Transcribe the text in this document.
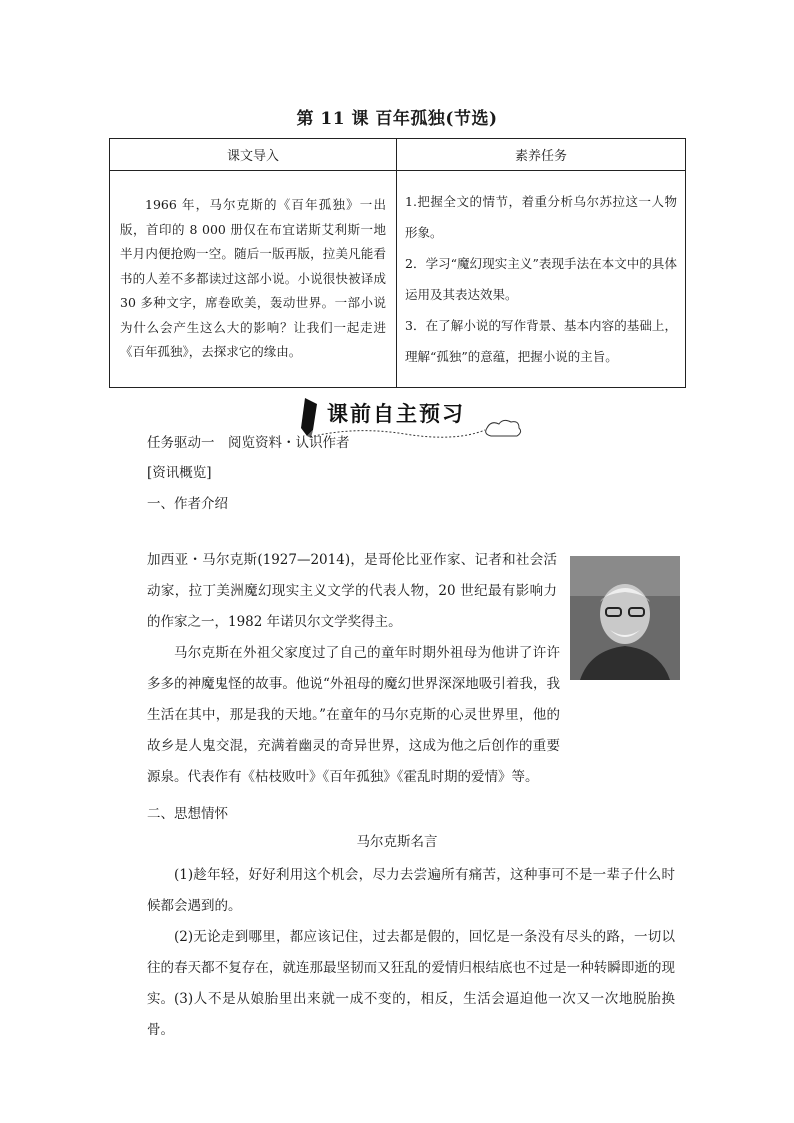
第 11 课 百年孤独(节选)
课文导入	素养任务
1966 年，马尔克斯的《百年孤独》一出版，首印的 8 000 册仅在布宜诺斯艾利斯一地半月内便抢购一空。随后一版再版，拉美凡能看书的人差不多都读过这部小说。小说很快被译成 30 多种文字，席卷欧美，轰动世界。一部小说为什么会产生这么大的影响？让我们一起走进《百年孤独》，去探求它的缘由。	1.把握全文的情节，着重分析乌尔苏拉这一人物形象。

2．学习“魔幻现实主义”表现手法在本文中的具体运用及其表达效果。

3．在了解小说的写作背景、基本内容的基础上，理解“孤独”的意蕴，把握小说的主旨。

课前自主预习
任务驱动一　阅览资料・认识作者
[资讯概览]
一、作者介绍
加西亚・马尔克斯(1927—2014)，是哥伦比亚作家、记者和社会活动家，拉丁美洲魔幻现实主义文学的代表人物，20 世纪最有影响力的作家之一，1982 年诺贝尔文学奖得主。
马尔克斯在外祖父家度过了自己的童年时期外祖母为他讲了许许多多的神魔鬼怪的故事。他说“外祖母的魔幻世界深深地吸引着我，我生活在其中，那是我的天地。”在童年的马尔克斯的心灵世界里，他的故乡是人鬼交混，充满着幽灵的奇异世界，这成为他之后创作的重要源泉。代表作有《枯枝败叶》《百年孤独》《霍乱时期的爱情》等。
二、思想情怀
马尔克斯名言
(1)趁年轻，好好利用这个机会，尽力去尝遍所有痛苦，这种事可不是一辈子什么时候都会遇到的。
(2)无论走到哪里，都应该记住，过去都是假的，回忆是一条没有尽头的路，一切以往的春天都不复存在，就连那最坚韧而又狂乱的爱情归根结底也不过是一种转瞬即逝的现实。 (3)人不是从娘胎里出来就一成不变的，相反，生活会逼迫他一次又一次地脱胎换骨。
